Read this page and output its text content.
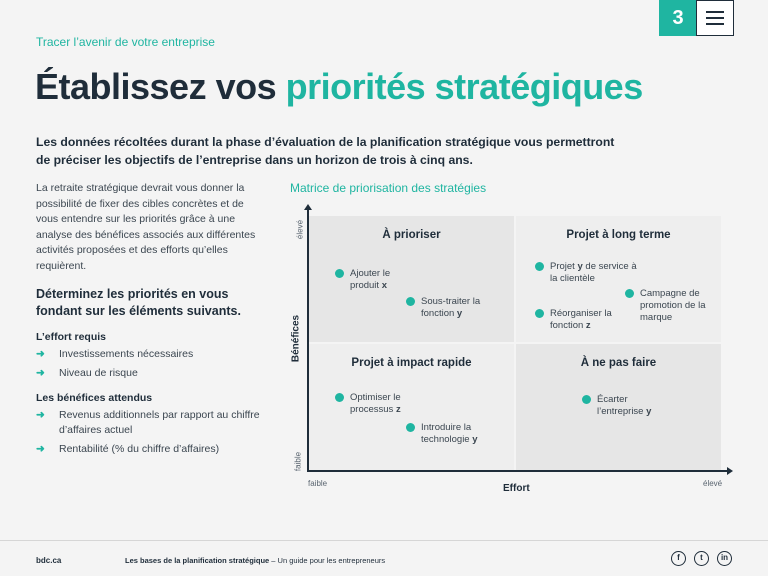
3
Tracer l’avenir de votre entreprise
Établissez vos priorités stratégiques

Les données récoltées durant la phase d’évaluation de la planification stratégique vous permettront de préciser les objectifs de l’entreprise dans un horizon de trois à cinq ans.

La retraite stratégique devrait vous donner la possibilité de fixer des cibles concrètes et de vous entendre sur les priorités grâce à une analyse des bénéfices associés aux différentes activités proposées et des efforts qu’elles requièrent.

Déterminez les priorités en vous fondant sur les éléments suivants.
L’effort requis
➜ Investissements nécessaires
➜ Niveau de risque
Les bénéfices attendus
➜ Revenus additionnels par rapport au chiffre d’affaires actuel
➜ Rentabilité (% du chiffre d’affaires)
Matrice de priorisation des stratégies
À prioriser
Ajouter le produit x
Sous-traiter la fonction y
Projet à long terme
Projet y de service à la clientèle
Réorganiser la fonction z
Campagne de promotion de la marque
Projet à impact rapide
Optimiser le processus z
Introduire la technologie y
À ne pas faire
Écarter l’entreprise y
élevé
Bénéfices
faible
faible	Effort	élevé
bdc.ca	Les bases de la planification stratégique – Un guide pour les entrepreneurs	f	t	in
